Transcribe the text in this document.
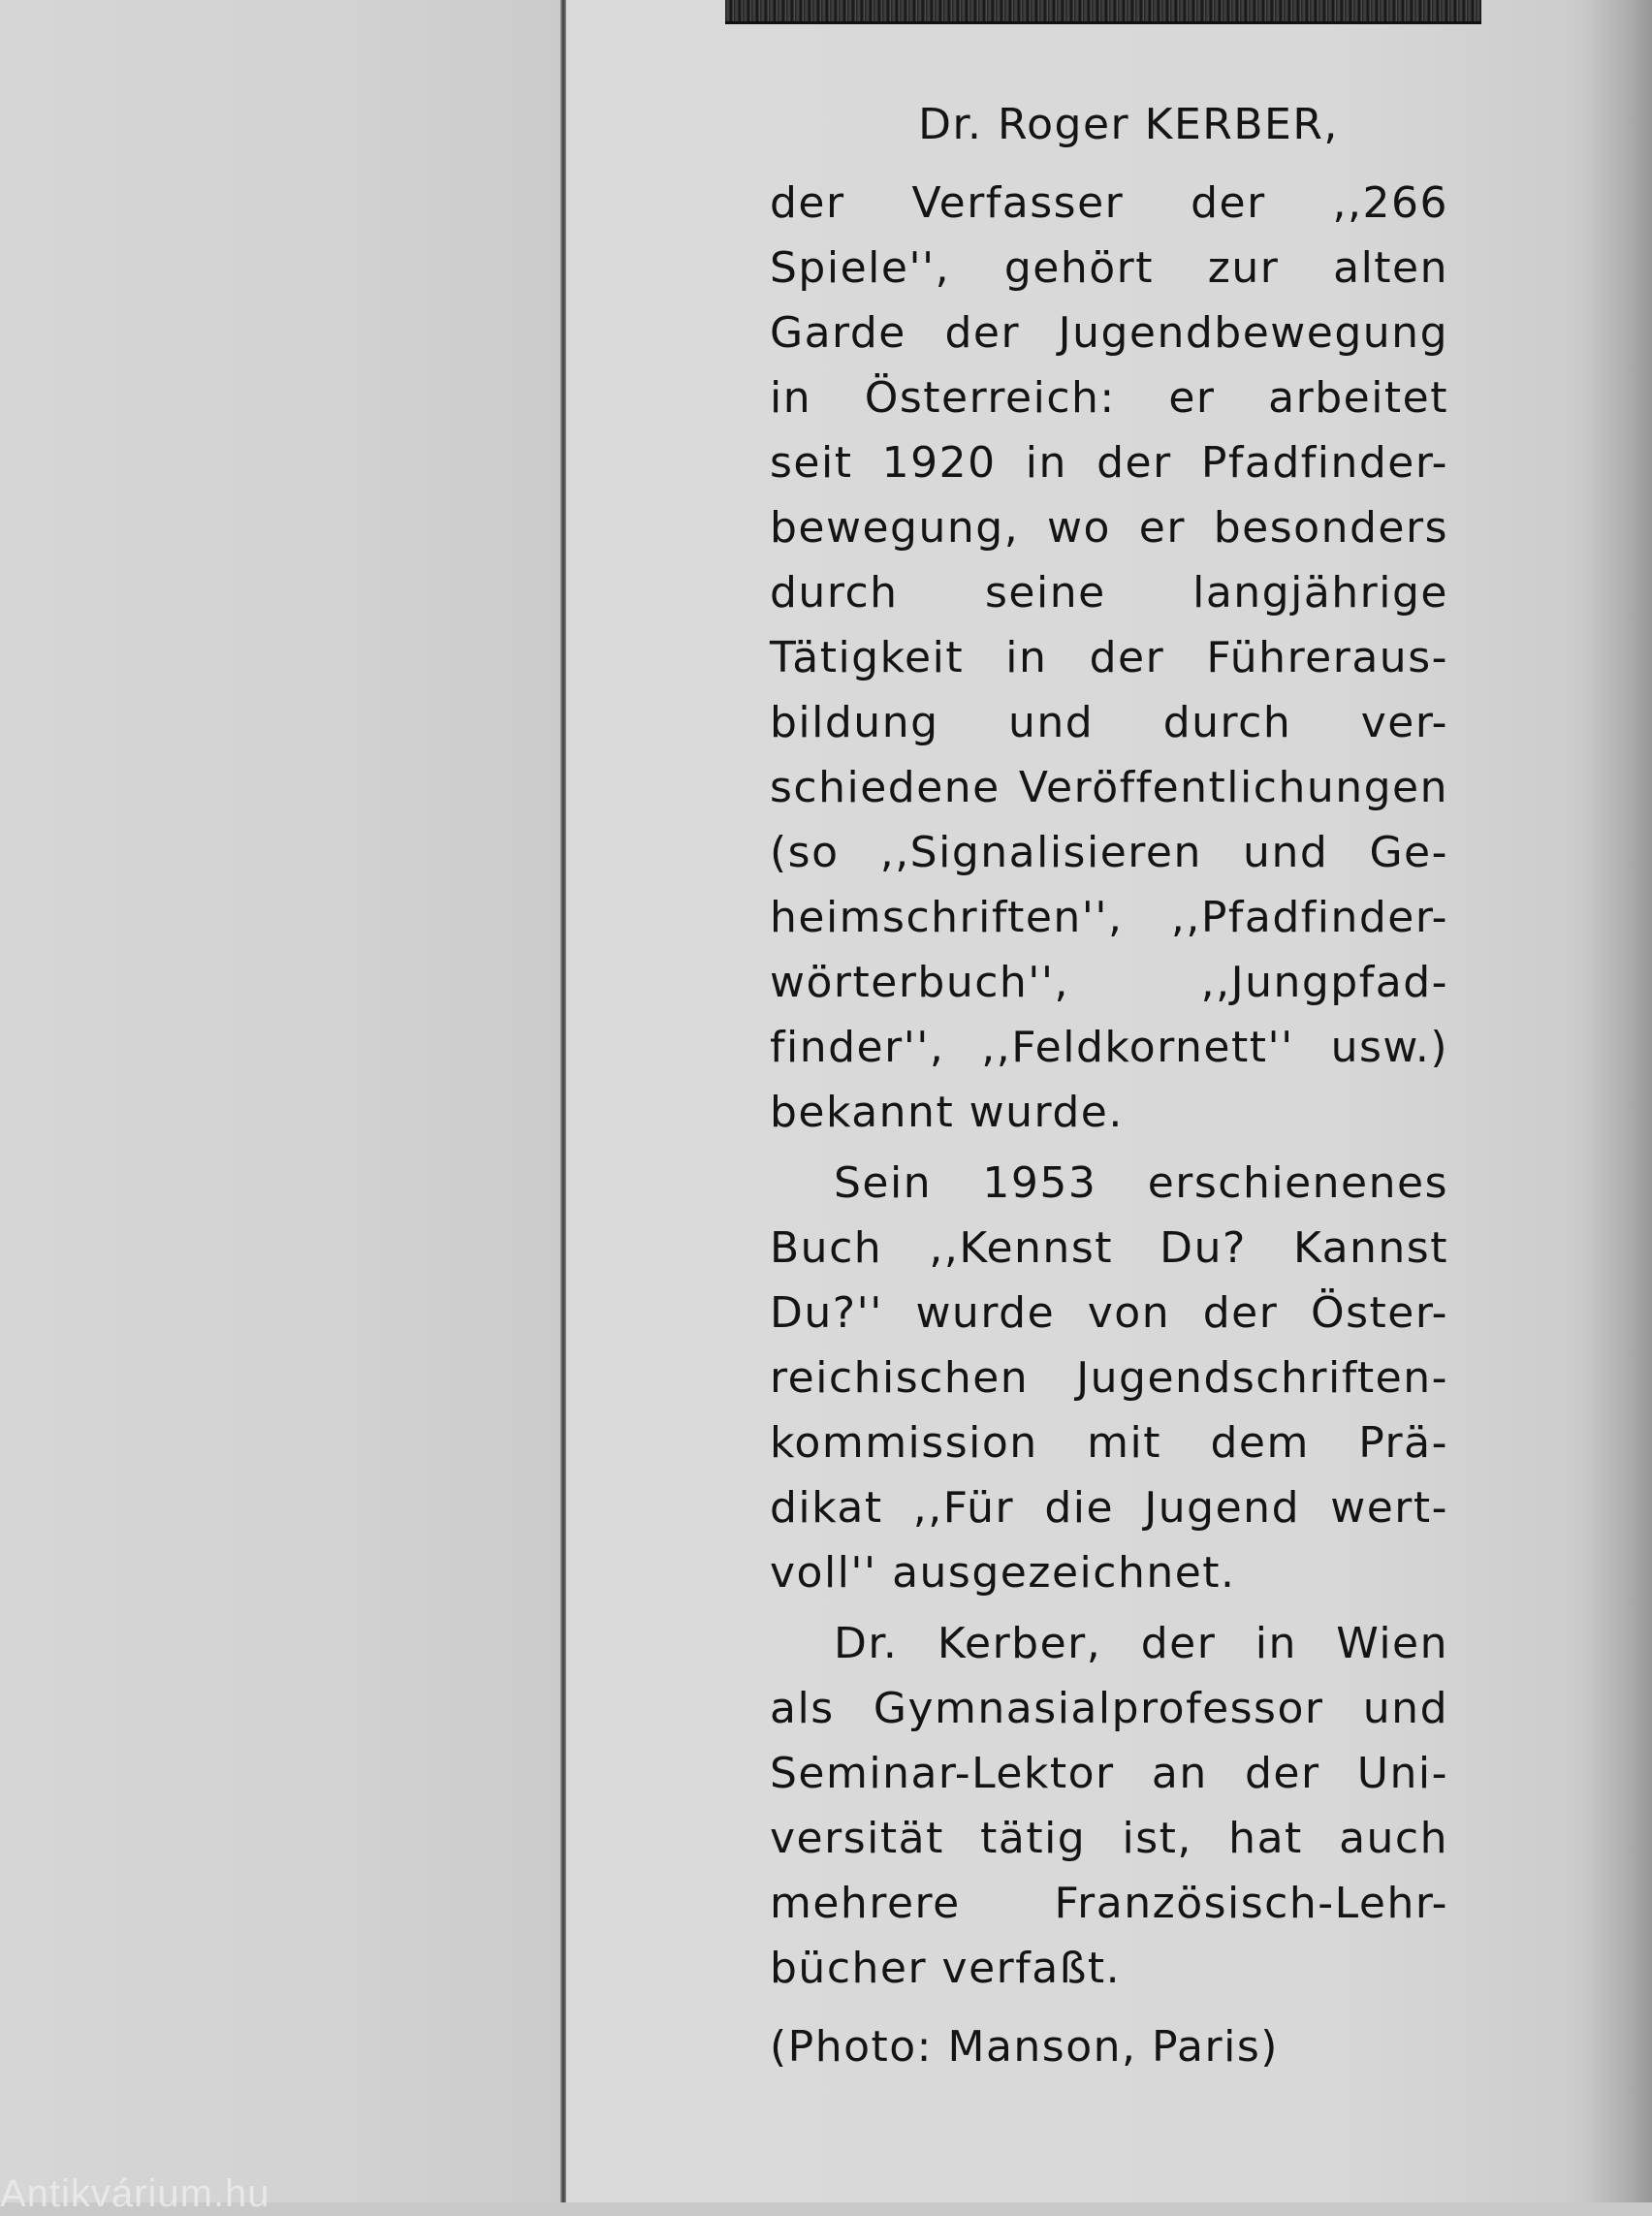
Dr. Roger KERBER,
der Verfasser der ,,266
Spiele'', gehört zur alten
Garde der Jugendbewegung
in Österreich: er arbeitet
seit 1920 in der Pfadfinder-
bewegung, wo er besonders
durch seine langjährige
Tätigkeit in der Führeraus-
bildung und durch ver-
schiedene Veröffentlichungen
(so ,,Signalisieren und Ge-
heimschriften'', ,,Pfadfinder-
wörterbuch'', ,,Jungpfad-
finder'', ,,Feldkornett'' usw.)
bekannt wurde.
Sein 1953 erschienenes
Buch ,,Kennst Du? Kannst
Du?'' wurde von der Öster-
reichischen Jugendschriften-
kommission mit dem Prä-
dikat ,,Für die Jugend wert-
voll'' ausgezeichnet.
Dr. Kerber, der in Wien
als Gymnasialprofessor und
Seminar-Lektor an der Uni-
versität tätig ist, hat auch
mehrere Französisch-Lehr-
bücher verfaßt.
(Photo: Manson, Paris)
Antikvárium.hu
